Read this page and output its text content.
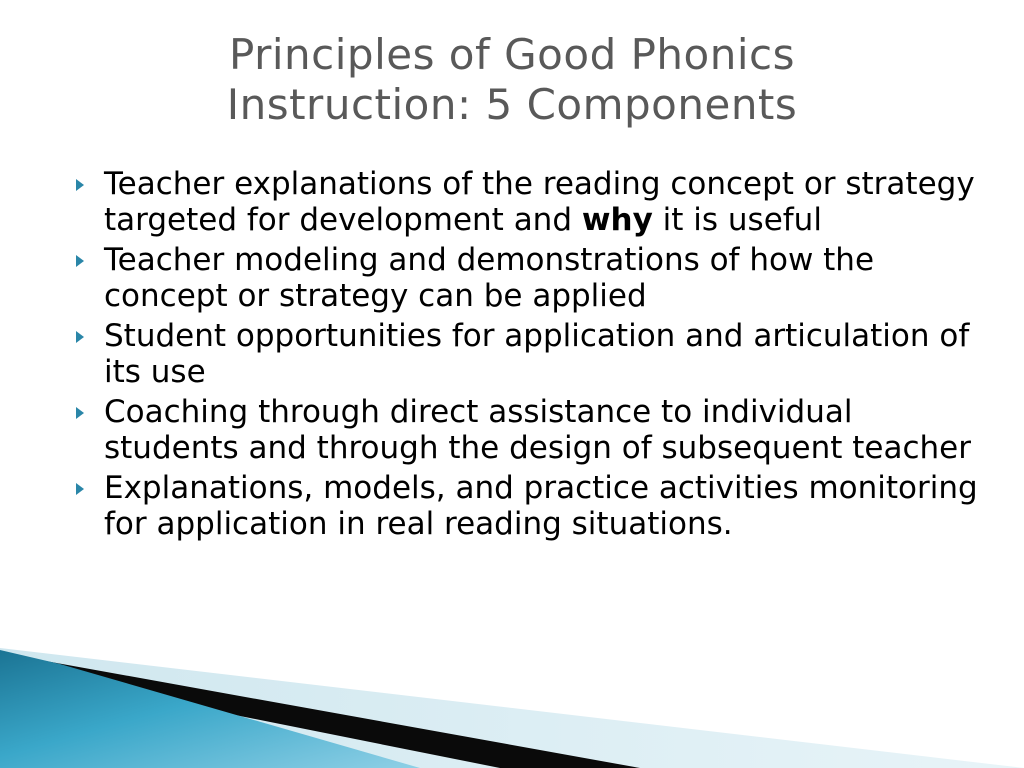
Principles of Good Phonics
Instruction: 5 Components
Teacher explanations of the reading concept or strategy targeted for development and why it is useful
Teacher modeling and demonstrations of how the concept or strategy can be applied
Student opportunities for application and articulation of its use
Coaching through direct assistance to individual students and through the design of subsequent teacher
Explanations, models, and practice activities monitoring for application in real reading situations.
